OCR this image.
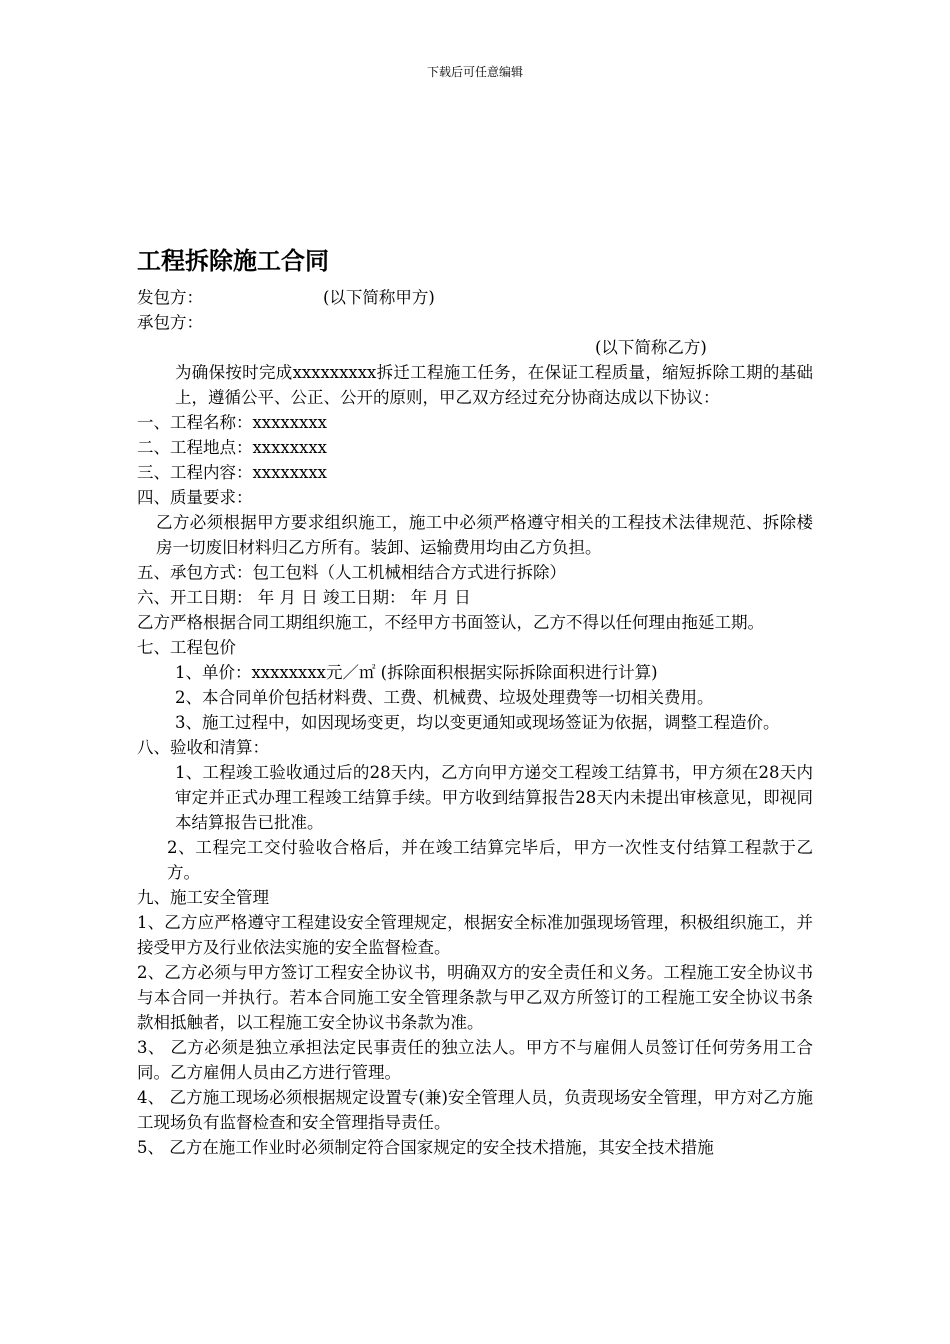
下载后可任意编辑
工程拆除施工合同
发包方：	(以下简称甲方)
承包方：
(以下简称乙方)
为确保按时完成xxxxxxxxx拆迁工程施工任务，在保证工程质量，缩短拆除工期的基础上，遵循公平、公正、公开的原则，甲乙双方经过充分协商达成以下协议：
一、工程名称：xxxxxxxx
二、工程地点：xxxxxxxx
三、工程内容：xxxxxxxx
四、质量要求：
乙方必须根据甲方要求组织施工，施工中必须严格遵守相关的工程技术法律规范、拆除楼房一切废旧材料归乙方所有。装卸、运输费用均由乙方负担。
五、承包方式：包工包料（人工机械相结合方式进行拆除）
六、开工日期： 年 月 日 竣工日期： 年 月 日
乙方严格根据合同工期组织施工，不经甲方书面签认，乙方不得以任何理由拖延工期。
七、工程包价
1、单价：xxxxxxxx元／㎡ (拆除面积根据实际拆除面积进行计算)
2、本合同单价包括材料费、工费、机械费、垃圾处理费等一切相关费用。
3、施工过程中，如因现场变更，均以变更通知或现场签证为依据，调整工程造价。
八、验收和清算：
1、工程竣工验收通过后的28天内，乙方向甲方递交工程竣工结算书，甲方须在28天内审定并正式办理工程竣工结算手续。甲方收到结算报告28天内未提出审核意见，即视同本结算报告已批准。
2、工程完工交付验收合格后，并在竣工结算完毕后，甲方一次性支付结算工程款于乙方。
九、施工安全管理
1、乙方应严格遵守工程建设安全管理规定，根据安全标准加强现场管理，积极组织施工，并接受甲方及行业依法实施的安全监督检查。
2、乙方必须与甲方签订工程安全协议书，明确双方的安全责任和义务。工程施工安全协议书与本合同一并执行。若本合同施工安全管理条款与甲乙双方所签订的工程施工安全协议书条款相抵触者，以工程施工安全协议书条款为准。
3、 乙方必须是独立承担法定民事责任的独立法人。甲方不与雇佣人员签订任何劳务用工合同。乙方雇佣人员由乙方进行管理。
4、 乙方施工现场必须根据规定设置专(兼)安全管理人员，负责现场安全管理，甲方对乙方施工现场负有监督检查和安全管理指导责任。
5、 乙方在施工作业时必须制定符合国家规定的安全技术措施，其安全技术措施
